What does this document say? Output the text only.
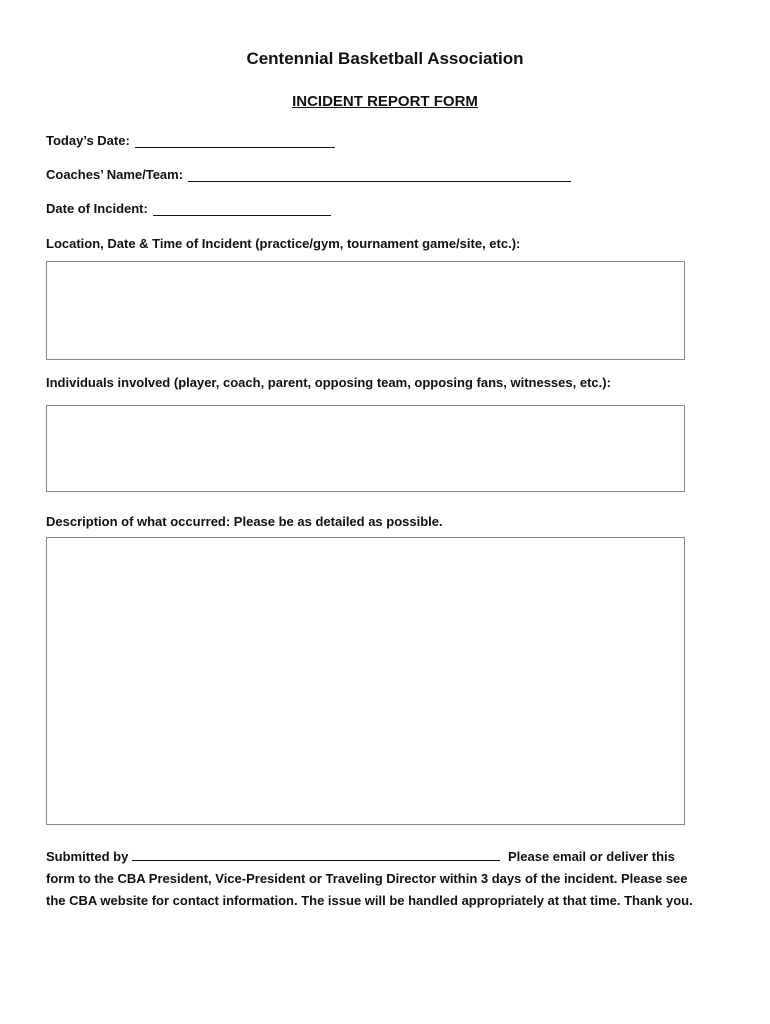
Centennial Basketball Association
INCIDENT REPORT FORM
Today’s Date:
Coaches’ Name/Team:
Date of Incident:
Location, Date & Time of Incident (practice/gym, tournament game/site, etc.):
Individuals involved (player, coach, parent, opposing team, opposing fans, witnesses, etc.):
Description of what occurred: Please be as detailed as possible.
Submitted by	Please email or deliver this form to the CBA President, Vice-President or Traveling Director within 3 days of the incident. Please see the CBA website for contact information. The issue will be handled appropriately at that time. Thank you.
